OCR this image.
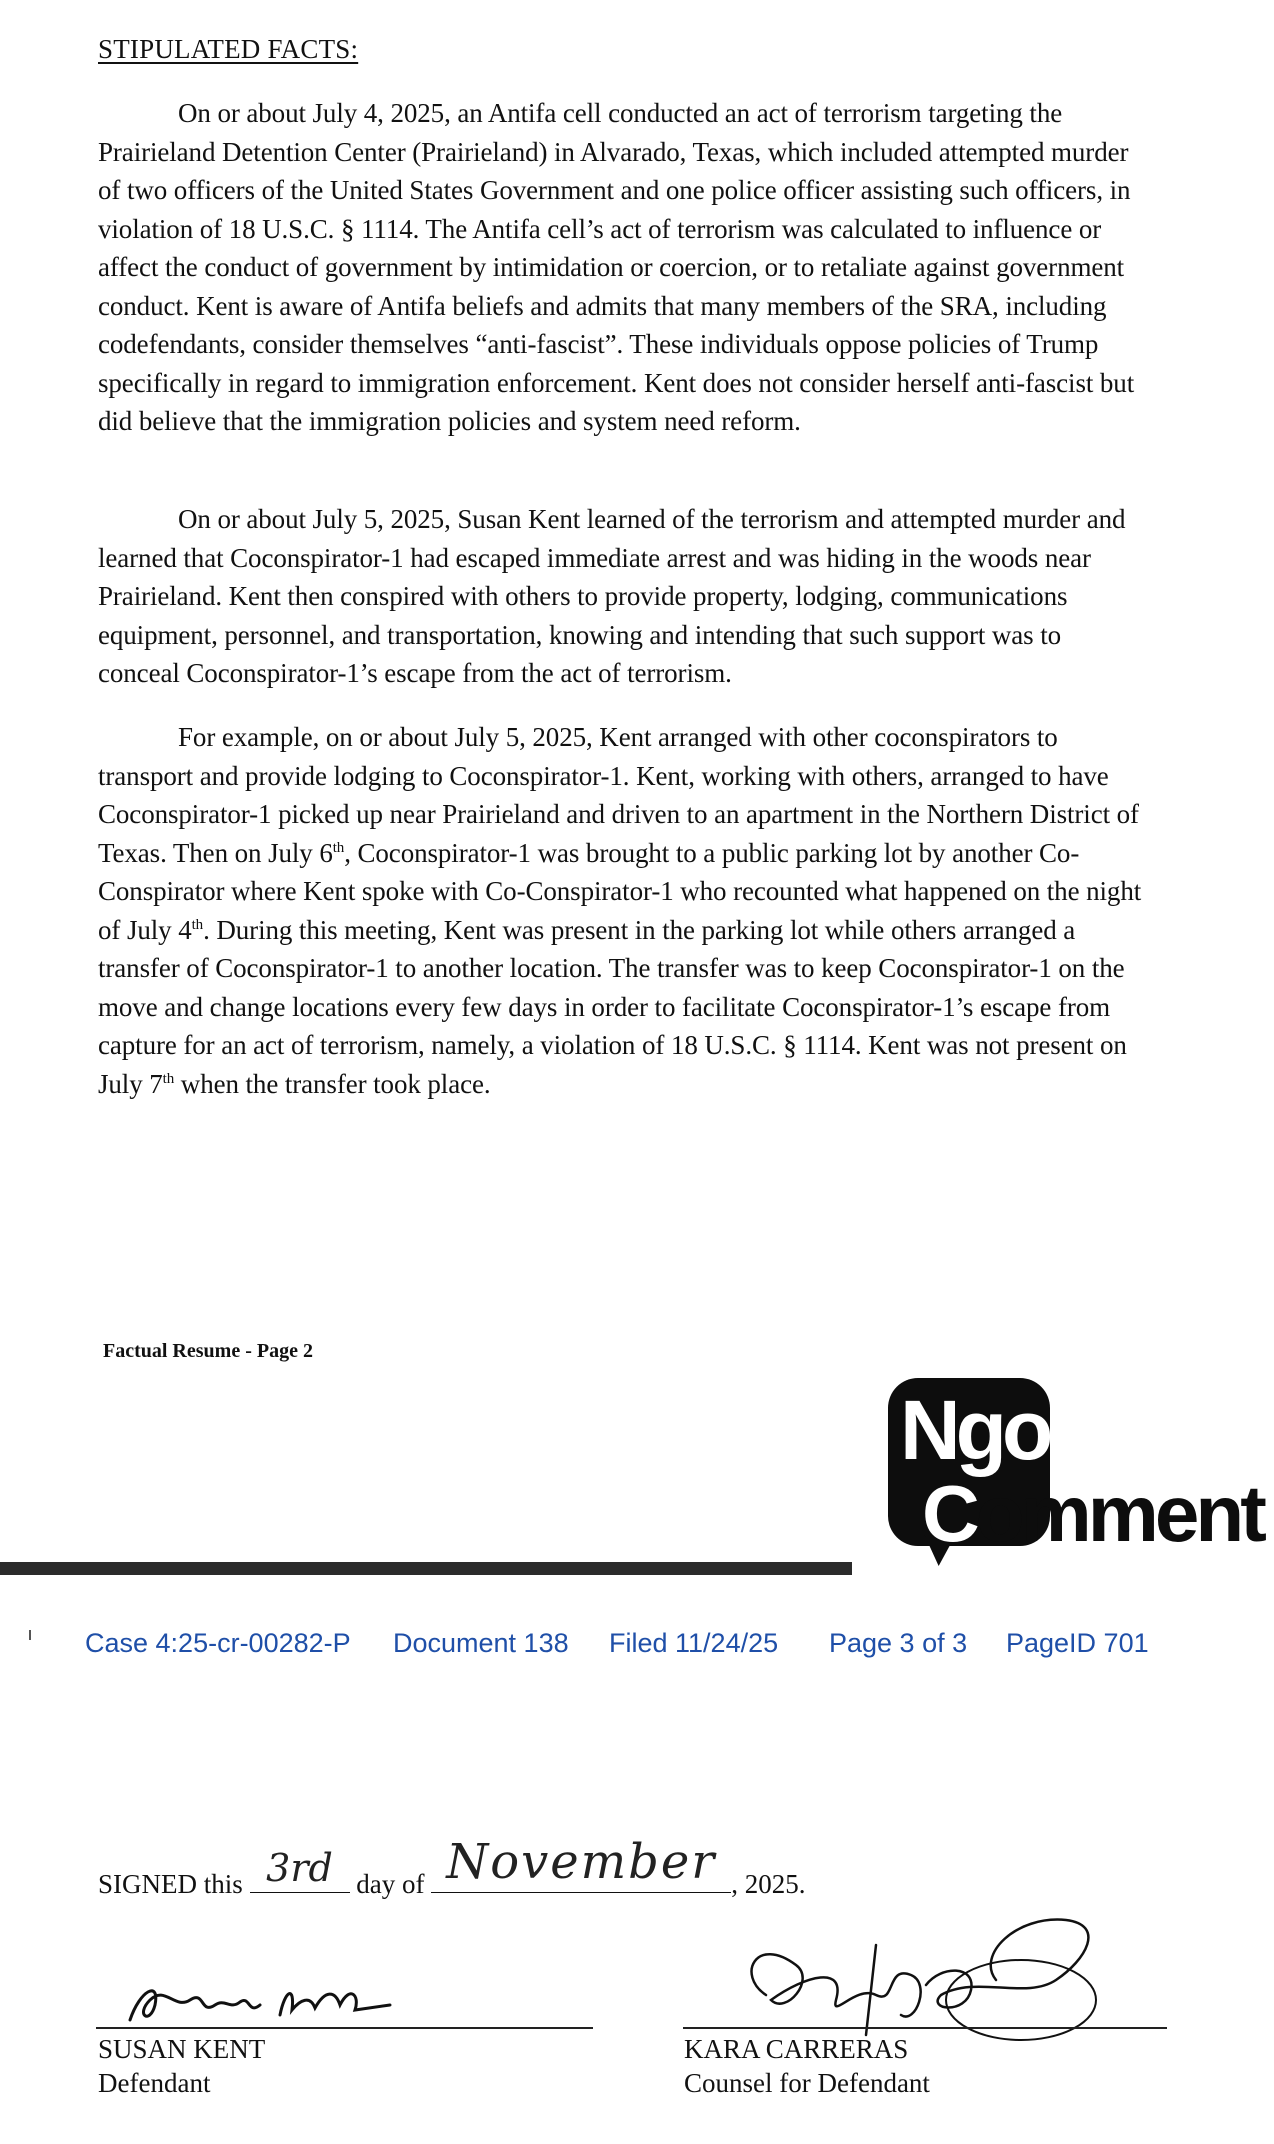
STIPULATED FACTS:

On or about July 4, 2025, an Antifa cell conducted an act of terrorism targeting the Prairieland Detention Center (Prairieland) in Alvarado, Texas, which included attempted murder of two officers of the United States Government and one police officer assisting such officers, in violation of 18 U.S.C. § 1114. The Antifa cell’s act of terrorism was calculated to influence or affect the conduct of government by intimidation or coercion, or to retaliate against government conduct. Kent is aware of Antifa beliefs and admits that many members of the SRA, including codefendants, consider themselves “anti-fascist”. These individuals oppose policies of Trump specifically in regard to immigration enforcement. Kent does not consider herself anti-fascist but did believe that the immigration policies and system need reform.

On or about July 5, 2025, Susan Kent learned of the terrorism and attempted murder and learned that Coconspirator-1 had escaped immediate arrest and was hiding in the woods near Prairieland. Kent then conspired with others to provide property, lodging, communications equipment, personnel, and transportation, knowing and intending that such support was to conceal Coconspirator-1’s escape from the act of terrorism.

For example, on or about July 5, 2025, Kent arranged with other coconspirators to transport and provide lodging to Coconspirator-1. Kent, working with others, arranged to have Coconspirator-1 picked up near Prairieland and driven to an apartment in the Northern District of Texas. Then on July 6th, Coconspirator-1 was brought to a public parking lot by another Co-Conspirator where Kent spoke with Co-Conspirator-1 who recounted what happened on the night of July 4th. During this meeting, Kent was present in the parking lot while others arranged a transfer of Coconspirator-1 to another location. The transfer was to keep Coconspirator-1 on the move and change locations every few days in order to facilitate Coconspirator-1’s escape from capture for an act of terrorism, namely, a violation of 18 U.S.C. § 1114. Kent was not present on July 7th when the transfer took place.

Factual Resume - Page 2
Ngo
Comment
Case 4:25-cr-00282-P Document 138 Filed 11/24/25 Page 3 of 3 PageID 701
SIGNED this 3rd day of November , 2025.
SUSAN KENT
Defendant
KARA CARRERAS
Counsel for Defendant
